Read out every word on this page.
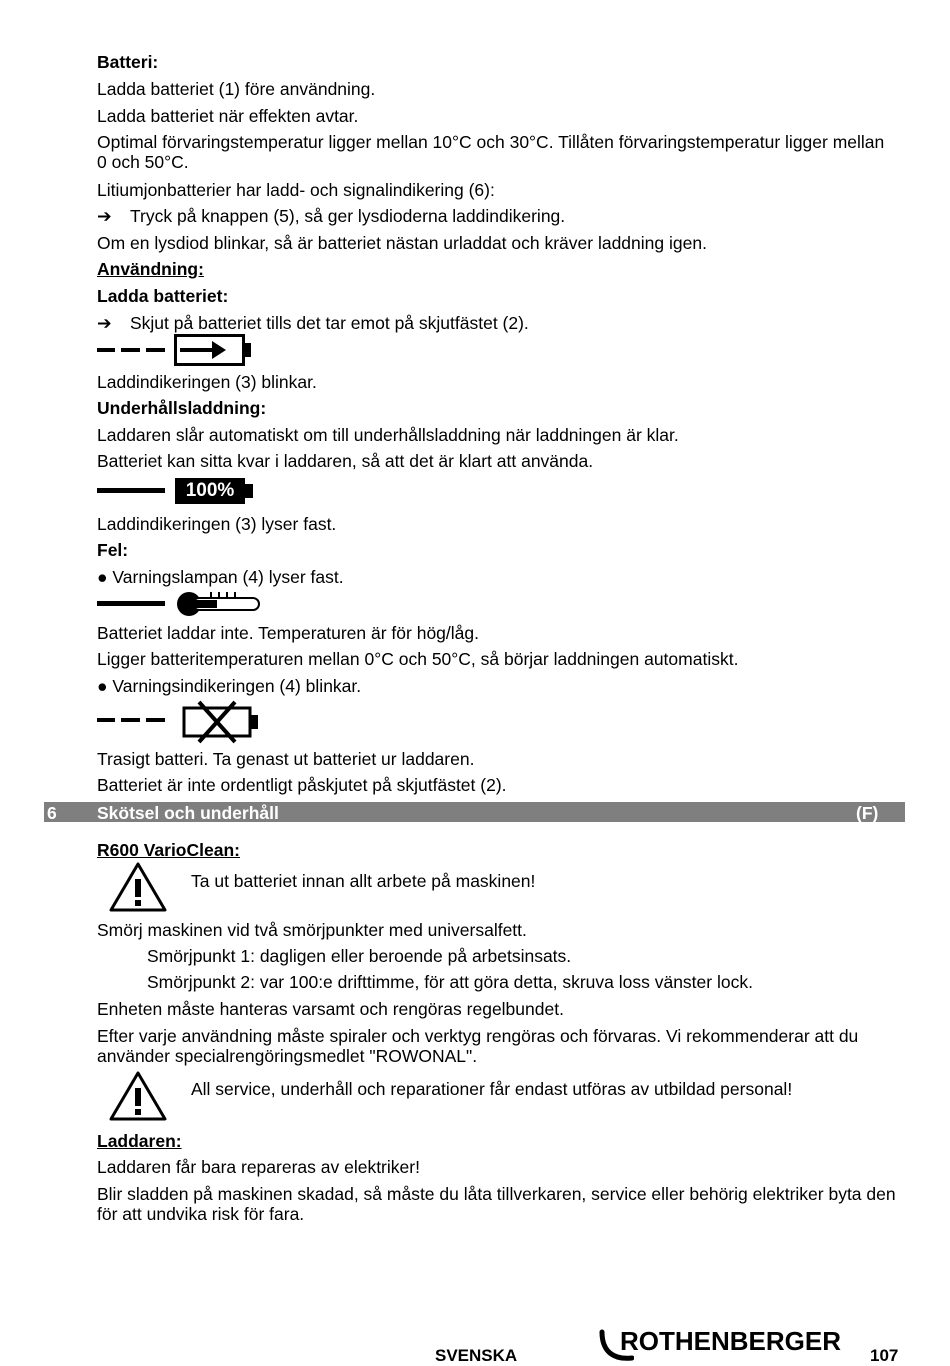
Batteri:
Ladda batteriet (1) före användning.
Ladda batteriet när effekten avtar.
Optimal förvaringstemperatur ligger mellan 10°C och 30°C. Tillåten förvaringstemperatur ligger mellan 0 och 50°C.
Litiumjonbatterier har ladd- och signalindikering (6):
➔ Tryck på knappen (5), så ger lysdioderna laddindikering.
Om en lysdiod blinkar, så är batteriet nästan urladdat och kräver laddning igen.
Användning:
Ladda batteriet:
➔ Skjut på batteriet tills det tar emot på skjutfästet (2).
Laddindikeringen (3) blinkar.
Underhållsladdning:
Laddaren slår automatiskt om till underhållsladdning när laddningen är klar.
Batteriet kan sitta kvar i laddaren, så att det är klart att använda.
100%
Laddindikeringen (3) lyser fast.
Fel:
● Varningslampan (4) lyser fast.
Batteriet laddar inte. Temperaturen är för hög/låg.
Ligger batteritemperaturen mellan 0°C och 50°C, så börjar laddningen automatiskt.
● Varningsindikeringen (4) blinkar.
Trasigt batteri. Ta genast ut batteriet ur laddaren.
Batteriet är inte ordentligt påskjutet på skjutfästet (2).
6 Skötsel och underhåll	(F)
R600 VarioClean:
Ta ut batteriet innan allt arbete på maskinen!
Smörj maskinen vid två smörjpunkter med universalfett.
Smörjpunkt 1: dagligen eller beroende på arbetsinsats.
Smörjpunkt 2: var 100:e drifttimme, för att göra detta, skruva loss vänster lock.
Enheten måste hanteras varsamt och rengöras regelbundet.
Efter varje användning måste spiraler och verktyg rengöras och förvaras. Vi rekommenderar att du använder specialrengöringsmedlet "ROWONAL".
All service, underhåll och reparationer får endast utföras av utbildad personal!
Laddaren:
Laddaren får bara repareras av elektriker!
Blir sladden på maskinen skadad, så måste du låta tillverkaren, service eller behörig elektriker byta den för att undvika risk för fara.
SVENSKA	ROTHENBERGER 107
